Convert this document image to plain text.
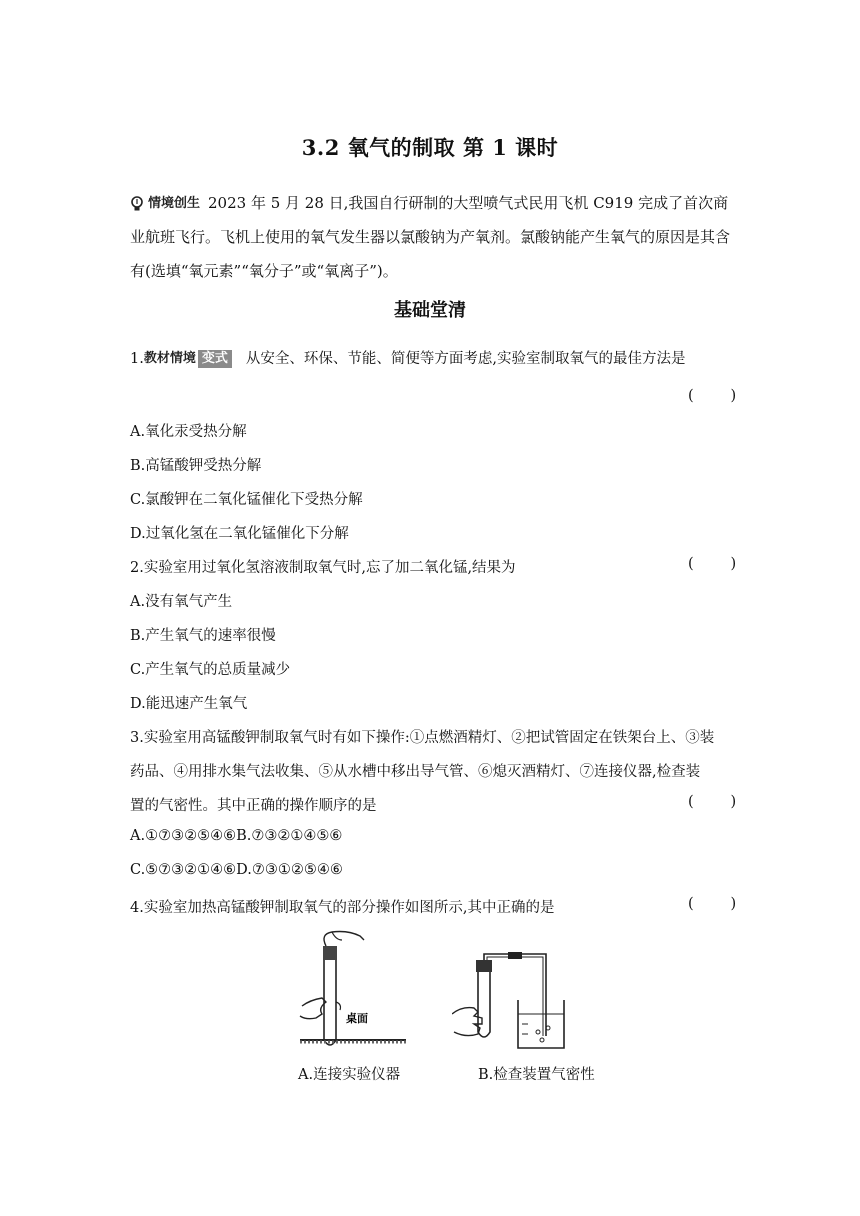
3.2 氧气的制取 第 1 课时
情境创生 2023 年 5 月 28 日,我国自行研制的大型喷气式民用飞机 C919 完成了首次商业航班飞行。飞机上使用的氧气发生器以氯酸钠为产氧剂。氯酸钠能产生氧气的原因是其含有(选填“氧元素”“氧分子”或“氧离子”)。
基础堂清
1.教材情境 变式 从安全、环保、节能、简便等方面考虑,实验室制取氧气的最佳方法是
(        )
A.氧化汞受热分解
B.高锰酸钾受热分解
C.氯酸钾在二氧化锰催化下受热分解
D.过氧化氢在二氧化锰催化下分解
2.实验室用过氧化氢溶液制取氧气时,忘了加二氧化锰,结果为	(        )
A.没有氧气产生
B.产生氧气的速率很慢
C.产生氧气的总质量减少
D.能迅速产生氧气
3.实验室用高锰酸钾制取氧气时有如下操作:①点燃酒精灯、②把试管固定在铁架台上、③装
药品、④用排水集气法收集、⑤从水槽中移出导气管、⑥熄灭酒精灯、⑦连接仪器,检查装
置的气密性。其中正确的操作顺序的是	(        )
A.①⑦③②⑤④⑥B.⑦③②①④⑤⑥
C.⑤⑦③②①④⑥D.⑦③①②⑤④⑥
4.实验室加热高锰酸钾制取氧气的部分操作如图所示,其中正确的是	(        )
桌面
A.连接实验仪器	B.检查装置气密性
